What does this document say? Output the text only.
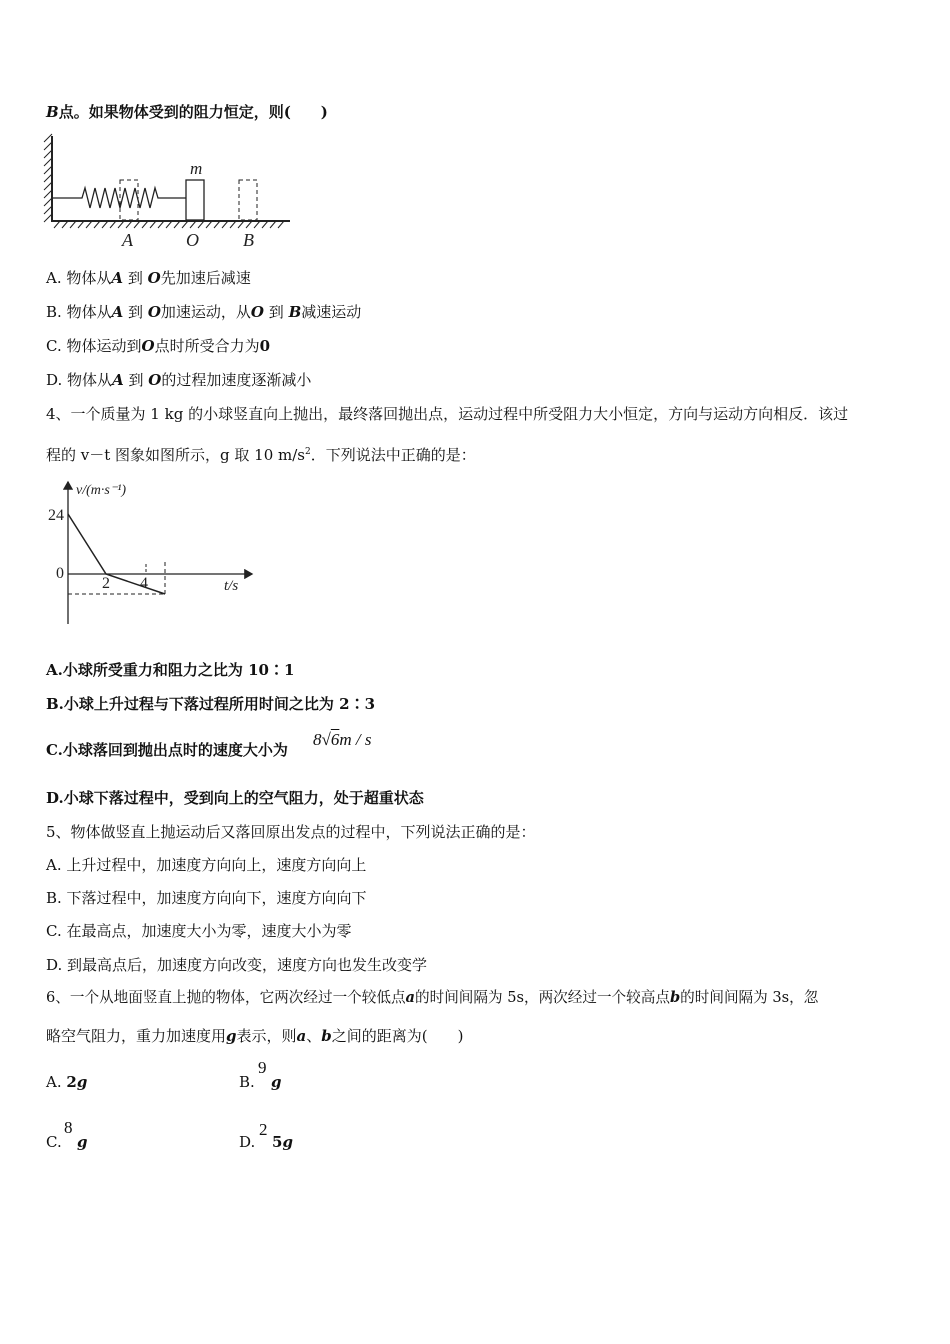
B点。如果物体受到的阻力恒定，则(　　)
m
A	O B
A. 物体从A 到 O先加速后减速
B. 物体从A 到 O加速运动，从O 到 B减速运动
C. 物体运动到O点时所受合力为0
D. 物体从A 到 O的过程加速度逐渐减小
4、一个质量为 1 kg 的小球竖直向上抛出，最终落回抛出点，运动过程中所受阻力大小恒定，方向与运动方向相反．该过
程的 v－t 图象如图所示，g 取 10 $m/s^2$．下列说法中正确的是：
v/(m·s⁻¹)
t/s
24
0
2 4
A.小球所受重力和阻力之比为 10∶1
B.小球上升过程与下落过程所用时间之比为 2∶3
C.小球落回到抛出点时的速度大小为
8√6m / s
D.小球下落过程中，受到向上的空气阻力，处于超重状态
5、物体做竖直上抛运动后又落回原出发点的过程中，下列说法正确的是：
A. 上升过程中，加速度方向向上，速度方向向上
B. 下落过程中，加速度方向向下，速度方向向下
C. 在最高点，加速度大小为零，速度大小为零
D. 到最高点后，加速度方向改变，速度方向也发生改变学
6、一个从地面竖直上抛的物体，它两次经过一个较低点a的时间间隔为 5s，两次经过一个较高点b的时间间隔为 3s，忽
略空气阻力，重力加速度用g表示，则a、b之间的距离为(　　)
A. 2g	B.
9
g
C.
8
g	D.
2
5g
